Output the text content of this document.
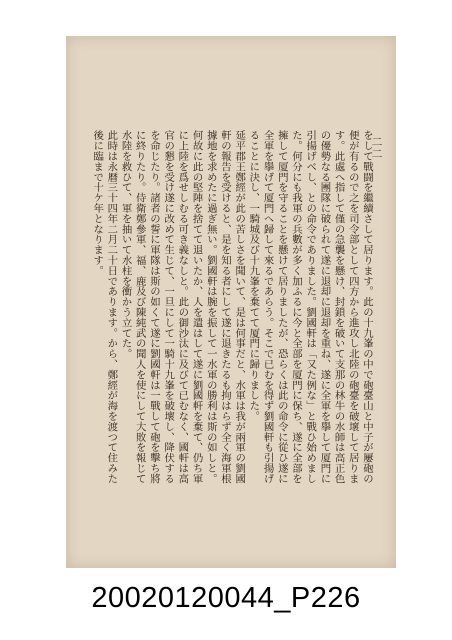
二二

をして戰闘を繼續さして居ります。此の十九峯の中で砲臺山と中子が屢砲の便が有るので之を司令部として四方から進攻し北陸の砲臺を破壞して居ります。此處へ指して僅の急襲を懸け、封鎖を破いて支那の林牛の水師は高正色の優勢なる團隊に破られて遂に退却に退却を重ね、遂に全軍を擧して厦門に引揚げべし、との命令でありました。劉國軒は「又た例な」と戰ひ始めました。何分にも我軍の兵數が多く加ふるに今と全部を厦門に保ち、遂に全部を擁して厦門を守ることを懸けて居りましたが、恐らくは此の命令に從ひ遂に全軍を擧げて厦門へ歸して來るであらう。そこで已むを得ず劉國軒も引揚げることに決し、一騎城及び十九峯を棄てて厦門に歸りました。

延平郡王鄭經が此の苦しさを聞いて、是は何事だと、水軍は我が兩軍の劉國軒の報告を受けると、是を知る者にして遂に退きたるも拘はらず全く海軍根據地を求めたに過ぎ無い。劉國軒は腕を振して一水軍の勝利は斯の如しと。何故に此の堅陣を捨てて退いたか、人を遣はして遂に劉國軒を棄て、仍ち軍に上陸を爲せしむる可き義なしと。此の御沙汰に及びて已むなく、國軒は高官の懇を受け遂に改めて生じて、一旦にして一騎十九峯を破壞し、降伏するを命じたり。諸者の誓に軍隊は斯の如くて遂に劉國軒は一戰して砲を擊ち將に終りたり。侍衛鄭參軍、福、鹿及び陳純武の聞人を使にして大敗を報じて水陸を救ひて、軍を抽いて水柱を衝かう立てた。

此時は永暦三十四年二月二十日であります。から、鄭經が海を渡つて住みた後に臨まで十ケ年となります。

20020120044_P226
